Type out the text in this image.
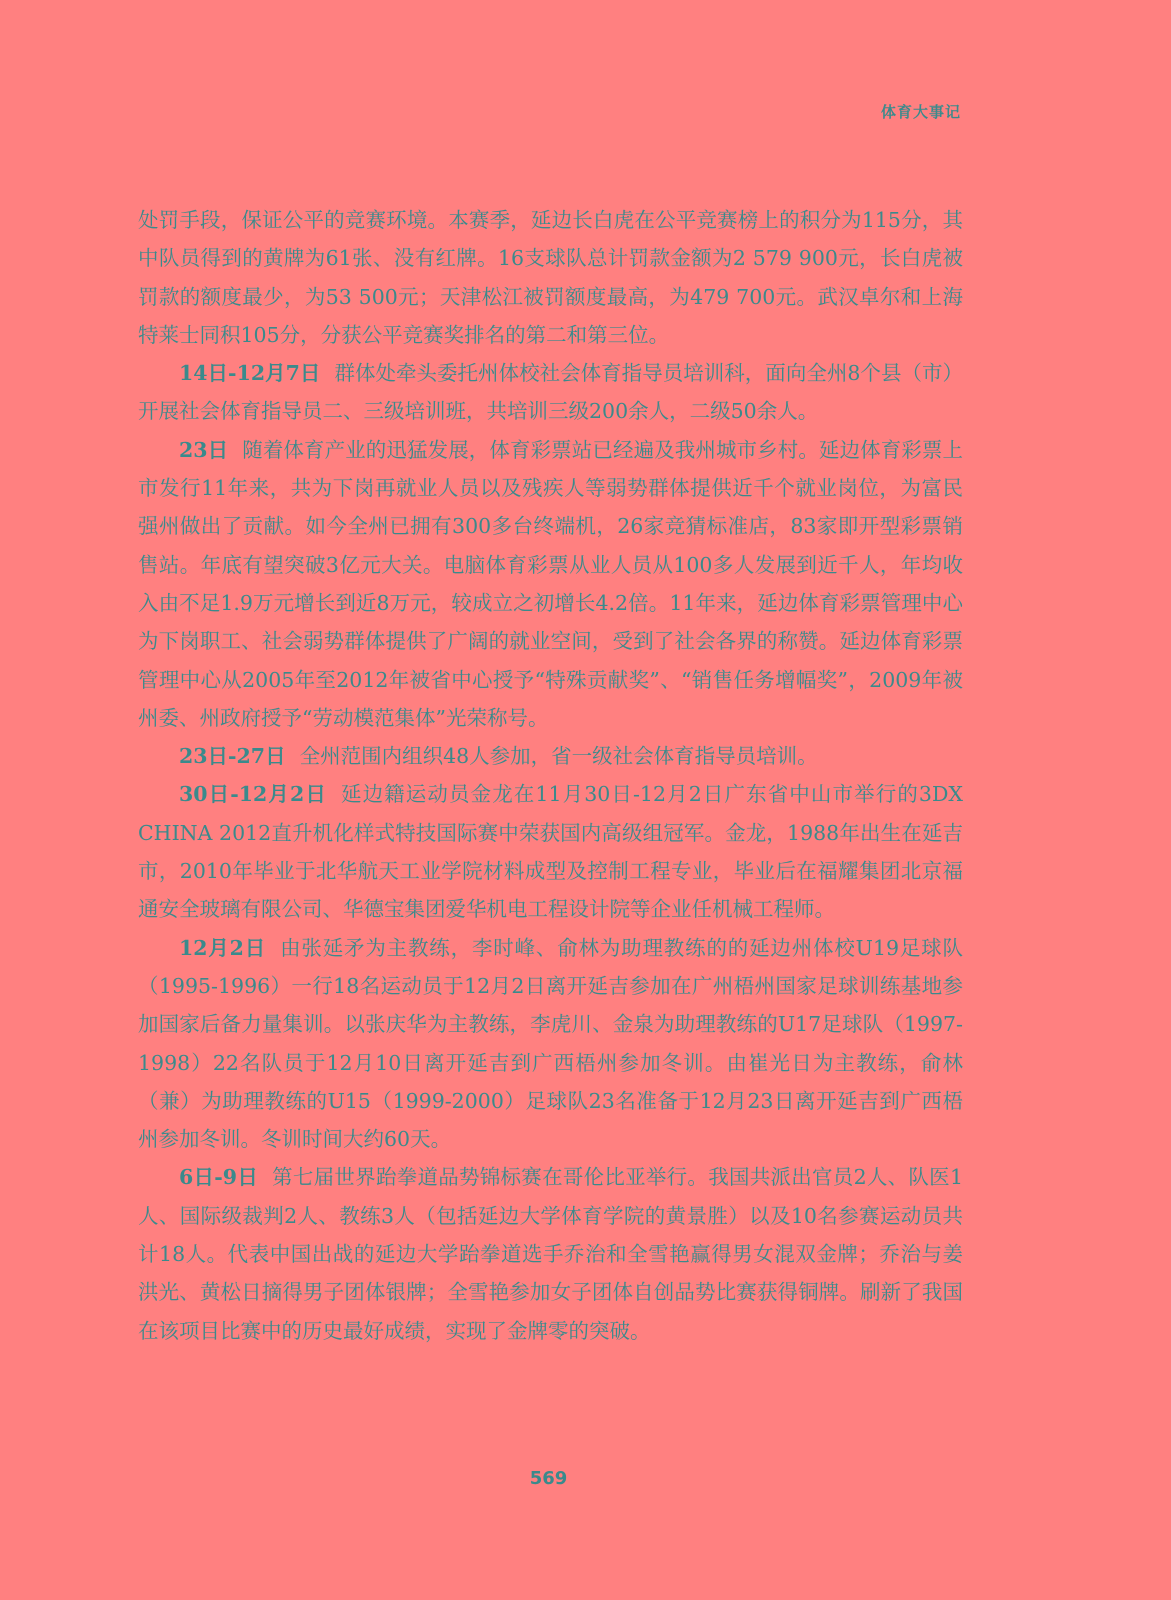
体育大事记

处罚手段，保证公平的竞赛环境。本赛季，延边长白虎在公平竞赛榜上的积分为115分，其中队员得到的黄牌为61张、没有红牌。16支球队总计罚款金额为2 579 900元，长白虎被罚款的额度最少，为53 500元；天津松江被罚额度最高，为479 700元。武汉卓尔和上海特莱士同积105分，分获公平竞赛奖排名的第二和第三位。

14日-12月7日 群体处牵头委托州体校社会体育指导员培训科，面向全州8个县（市）开展社会体育指导员二、三级培训班，共培训三级200余人，二级50余人。

23日 随着体育产业的迅猛发展，体育彩票站已经遍及我州城市乡村。延边体育彩票上市发行11年来，共为下岗再就业人员以及残疾人等弱势群体提供近千个就业岗位，为富民强州做出了贡献。如今全州已拥有300多台终端机，26家竞猜标准店，83家即开型彩票销售站。年底有望突破3亿元大关。电脑体育彩票从业人员从100多人发展到近千人，年均收入由不足1.9万元增长到近8万元，较成立之初增长4.2倍。11年来，延边体育彩票管理中心为下岗职工、社会弱势群体提供了广阔的就业空间，受到了社会各界的称赞。延边体育彩票管理中心从2005年至2012年被省中心授予“特殊贡献奖”、“销售任务增幅奖”，2009年被州委、州政府授予“劳动模范集体”光荣称号。

23日-27日 全州范围内组织48人参加，省一级社会体育指导员培训。

30日-12月2日 延边籍运动员金龙在11月30日-12月2日广东省中山市举行的3DX CHINA 2012直升机化样式特技国际赛中荣获国内高级组冠军。金龙，1988年出生在延吉市，2010年毕业于北华航天工业学院材料成型及控制工程专业，毕业后在福耀集团北京福通安全玻璃有限公司、华德宝集团爱华机电工程设计院等企业任机械工程师。

12月2日 由张延矛为主教练，李时峰、俞林为助理教练的的延边州体校U19足球队（1995-1996）一行18名运动员于12月2日离开延吉参加在广州梧州国家足球训练基地参加国家后备力量集训。以张庆华为主教练，李虎川、金泉为助理教练的U17足球队（1997-1998）22名队员于12月10日离开延吉到广西梧州参加冬训。由崔光日为主教练，俞林（兼）为助理教练的U15（1999-2000）足球队23名准备于12月23日离开延吉到广西梧州参加冬训。冬训时间大约60天。

6日-9日 第七届世界跆拳道品势锦标赛在哥伦比亚举行。我国共派出官员2人、队医1人、国际级裁判2人、教练3人（包括延边大学体育学院的黄景胜）以及10名参赛运动员共计18人。代表中国出战的延边大学跆拳道选手乔治和全雪艳赢得男女混双金牌；乔治与姜洪光、黄松日摘得男子团体银牌；全雪艳参加女子团体自创品势比赛获得铜牌。刷新了我国在该项目比赛中的历史最好成绩，实现了金牌零的突破。

569
